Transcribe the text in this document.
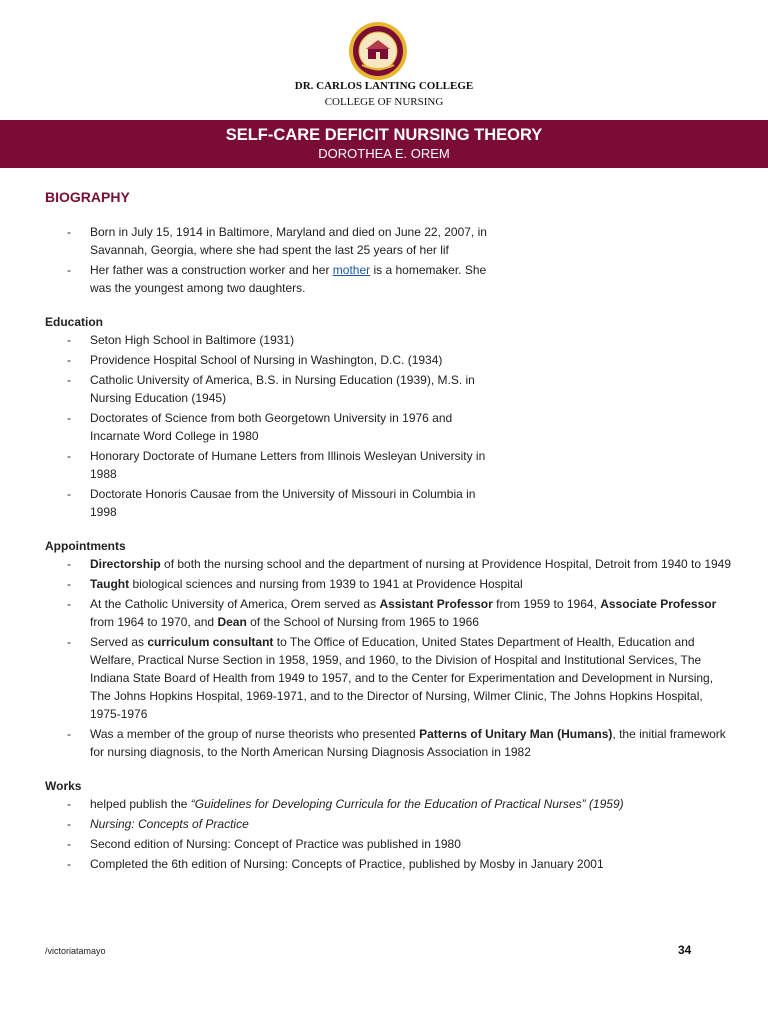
DR. CARLOS LANTING COLLEGE
COLLEGE OF NURSING
SELF-CARE DEFICIT NURSING THEORY
DOROTHEA E. OREM
BIOGRAPHY
- Born in July 15, 1914 in Baltimore, Maryland and died on June 22, 2007, in Savannah, Georgia, where she had spent the last 25 years of her lif
- Her father was a construction worker and her mother is a homemaker. She was the youngest among two daughters.

Education

- Seton High School in Baltimore (1931)
- Providence Hospital School of Nursing in Washington, D.C. (1934)
- Catholic University of America, B.S. in Nursing Education (1939), M.S. in Nursing Education (1945)
- Doctorates of Science from both Georgetown University in 1976 and Incarnate Word College in 1980
- Honorary Doctorate of Humane Letters from Illinois Wesleyan University in 1988
- Doctorate Honoris Causae from the University of Missouri in Columbia in 1998

Appointments

- Directorship of both the nursing school and the department of nursing at Providence Hospital, Detroit from 1940 to 1949
- Taught biological sciences and nursing from 1939 to 1941 at Providence Hospital
- At the Catholic University of America, Orem served as Assistant Professor from 1959 to 1964, Associate Professor from 1964 to 1970, and Dean of the School of Nursing from 1965 to 1966
- Served as curriculum consultant to The Office of Education, United States Department of Health, Education and Welfare, Practical Nurse Section in 1958, 1959, and 1960, to the Division of Hospital and Institutional Services, The Indiana State Board of Health from 1949 to 1957, and to the Center for Experimentation and Development in Nursing, The Johns Hopkins Hospital, 1969-1971, and to the Director of Nursing, Wilmer Clinic, The Johns Hopkins Hospital, 1975-1976
- Was a member of the group of nurse theorists who presented Patterns of Unitary Man (Humans), the initial framework for nursing diagnosis, to the North American Nursing Diagnosis Association in 1982

Works

- helped publish the “Guidelines for Developing Curricula for the Education of Practical Nurses” (1959)
- Nursing: Concepts of Practice
- Second edition of Nursing: Concept of Practice was published in 1980
- Completed the 6th edition of Nursing: Concepts of Practice, published by Mosby in January 2001
/victoriatamayo	34
